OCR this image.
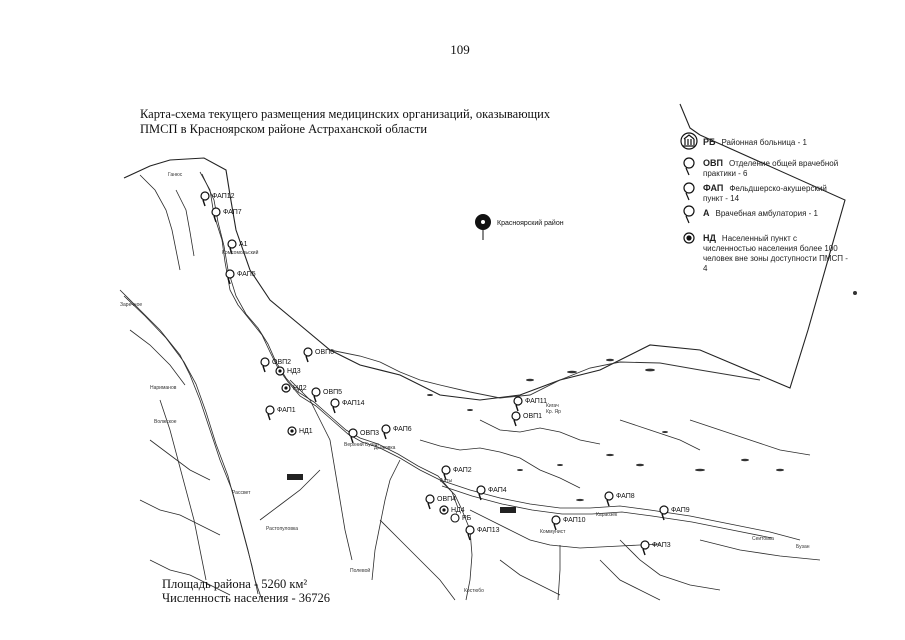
109
Карта-схема текущего размещения медицинских организаций, оказывающих
ПМСП в Красноярском районе Астраханской области
Красноярский район
ФАП12
ФАП7
А1
ФАП5
ОВП6
ОВП2
НД3
НД2
ОВП5
ФАП14
ФАП1
НД1	ОВП3
ФАП6
ФАП11
ОВП1
ФАП2
ФАП4
ОВП4
НД4
РБ
ФАП13
ФАП10
ФАП8
ФАП9
ФАП3
Ганюс
Комсомольский
Заречное
Нариманов
Волжское
Рассвет
Растопуловка
Верхний Бузан
Дьяковка
Кигач
Кр. Яр
Караозек
Коммунист
Сеитовка
Костюбо
Полевой
Алты
Бузан
РБ Районная больница - 1
ОВП Отделение общей врачебной практики - 6
ФАП Фельдшерско-акушерский пункт - 14
А Врачебная амбулатория - 1
НД Населенный пункт с численностью населения более 100 человек вне зоны доступности ПМСП - 4
Площадь района - 5260 км²
Численность населения - 36726
